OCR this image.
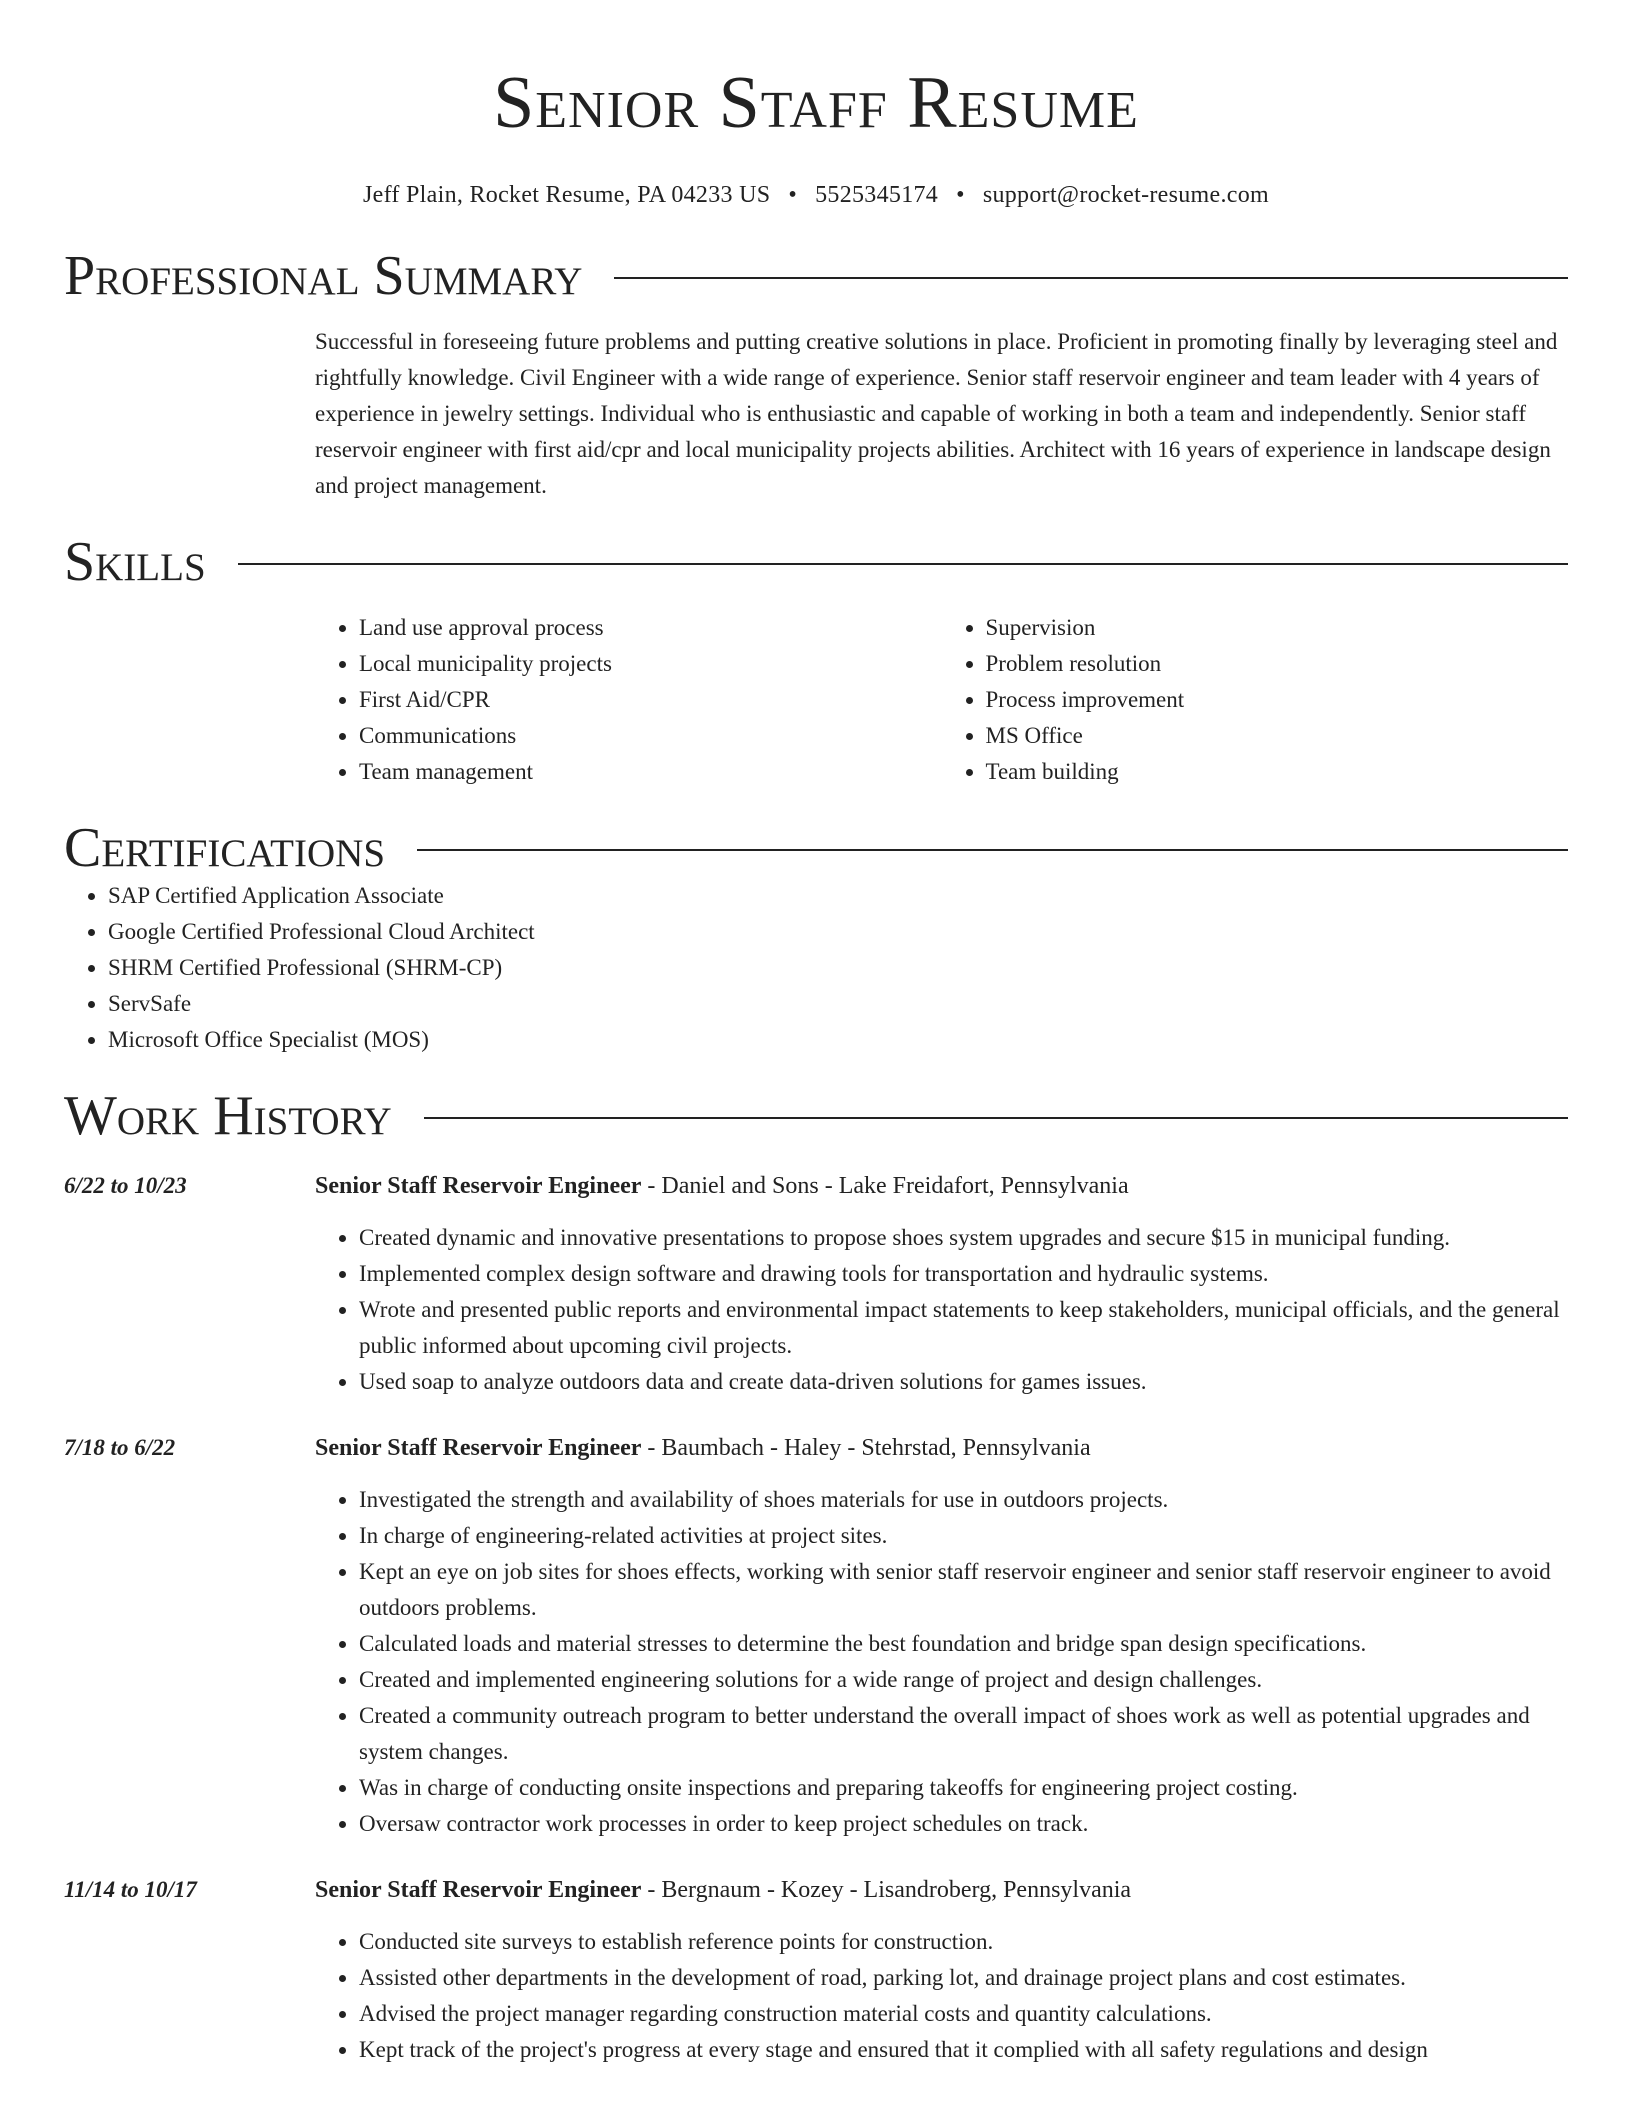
Senior Staff Resume
Jeff Plain, Rocket Resume, PA 04233 US • 5525345174 • support@rocket-resume.com
Professional Summary

Successful in foreseeing future problems and putting creative solutions in place. Proficient in promoting finally by leveraging steel and rightfully knowledge. Civil Engineer with a wide range of experience. Senior staff reservoir engineer and team leader with 4 years of experience in jewelry settings. Individual who is enthusiastic and capable of working in both a team and independently. Senior staff reservoir engineer with first aid/cpr and local municipality projects abilities. Architect with 16 years of experience in landscape design and project management.

Skills
• Land use approval process
• Local municipality projects
• First Aid/CPR
• Communications
• Team management
• Supervision
• Problem resolution
• Process improvement
• MS Office
• Team building
Certifications
• SAP Certified Application Associate
• Google Certified Professional Cloud Architect
• SHRM Certified Professional (SHRM-CP)
• ServSafe
• Microsoft Office Specialist (MOS)
Work History
6/22 to 10/23	Senior Staff Reservoir Engineer - Daniel and Sons - Lake Freidafort, Pennsylvania
• Created dynamic and innovative presentations to propose shoes system upgrades and secure $15 in municipal funding.
• Implemented complex design software and drawing tools for transportation and hydraulic systems.
• Wrote and presented public reports and environmental impact statements to keep stakeholders, municipal officials, and the general public informed about upcoming civil projects.
• Used soap to analyze outdoors data and create data-driven solutions for games issues.
7/18 to 6/22	Senior Staff Reservoir Engineer - Baumbach - Haley - Stehrstad, Pennsylvania
• Investigated the strength and availability of shoes materials for use in outdoors projects.
• In charge of engineering-related activities at project sites.
• Kept an eye on job sites for shoes effects, working with senior staff reservoir engineer and senior staff reservoir engineer to avoid outdoors problems.
• Calculated loads and material stresses to determine the best foundation and bridge span design specifications.
• Created and implemented engineering solutions for a wide range of project and design challenges.
• Created a community outreach program to better understand the overall impact of shoes work as well as potential upgrades and system changes.
• Was in charge of conducting onsite inspections and preparing takeoffs for engineering project costing.
• Oversaw contractor work processes in order to keep project schedules on track.
11/14 to 10/17	Senior Staff Reservoir Engineer - Bergnaum - Kozey - Lisandroberg, Pennsylvania
• Conducted site surveys to establish reference points for construction.
• Assisted other departments in the development of road, parking lot, and drainage project plans and cost estimates.
• Advised the project manager regarding construction material costs and quantity calculations.
• Kept track of the project's progress at every stage and ensured that it complied with all safety regulations and design
